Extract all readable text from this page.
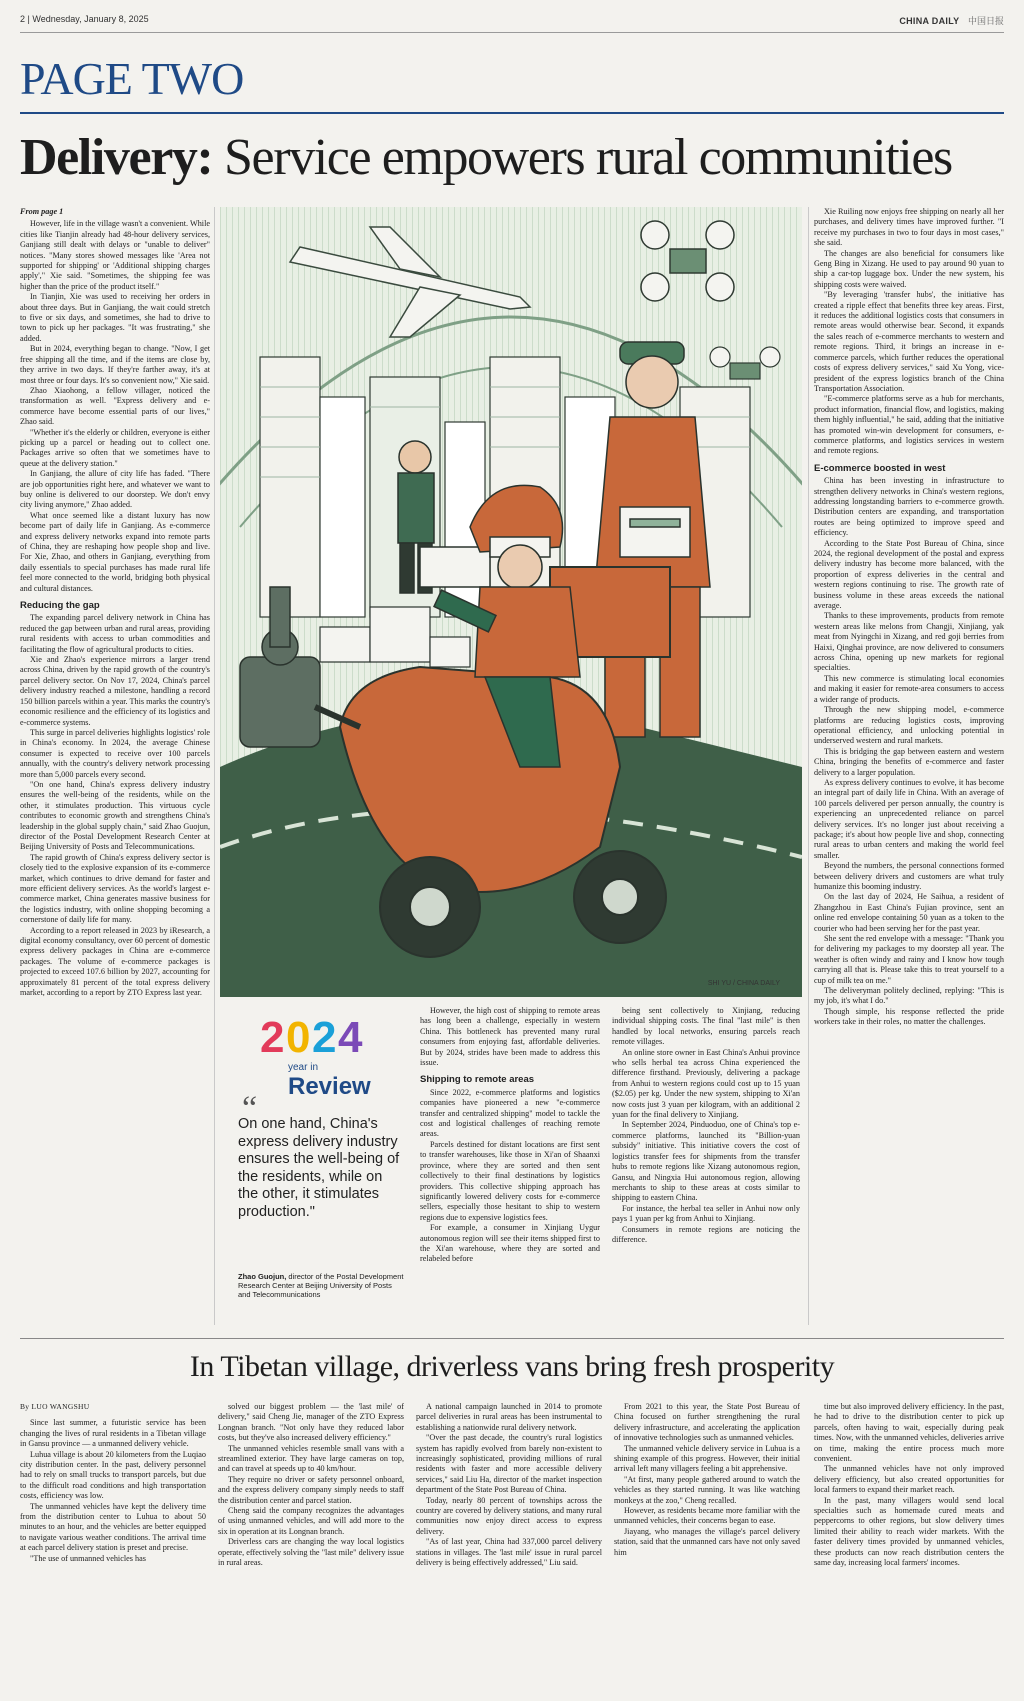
2 | Wednesday, January 8, 2025	CHINA DAILY 中国日报
PAGE TWO
Delivery: Service empowers rural communities

From page 1

However, life in the village wasn't a convenient. While cities like Tianjin already had 48-hour delivery services, Ganjiang still dealt with delays or "unable to deliver" notices. "Many stores showed messages like 'Area not supported for shipping' or 'Additional shipping charges apply'," Xie said. "Sometimes, the shipping fee was higher than the price of the product itself."

In Tianjin, Xie was used to receiving her orders in about three days. But in Ganjiang, the wait could stretch to five or six days, and sometimes, she had to drive to town to pick up her packages. "It was frustrating," she added.

But in 2024, everything began to change. "Now, I get free shipping all the time, and if the items are close by, they arrive in two days. If they're farther away, it's at most three or four days. It's so convenient now," Xie said.

Zhao Xiaohong, a fellow villager, noticed the transformation as well. "Express delivery and e-commerce have become essential parts of our lives," Zhao said.

"Whether it's the elderly or children, everyone is either picking up a parcel or heading out to collect one. Packages arrive so often that we sometimes have to queue at the delivery station."

In Ganjiang, the allure of city life has faded. "There are job opportunities right here, and whatever we want to buy online is delivered to our doorstep. We don't envy city living anymore," Zhao added.

What once seemed like a distant luxury has now become part of daily life in Ganjiang. As e-commerce and express delivery networks expand into remote parts of China, they are reshaping how people shop and live. For Xie, Zhao, and others in Ganjiang, everything from daily essentials to special purchases has made rural life feel more connected to the world, bridging both physical and cultural distances.

Reducing the gap

The expanding parcel delivery network in China has reduced the gap between urban and rural areas, providing rural residents with access to urban commodities and facilitating the flow of agricultural products to cities.

Xie and Zhao's experience mirrors a larger trend across China, driven by the rapid growth of the country's parcel delivery sector. On Nov 17, 2024, China's parcel delivery industry reached a milestone, handling a record 150 billion parcels within a year. This marks the country's economic resilience and the efficiency of its logistics and e-commerce systems.

This surge in parcel deliveries highlights logistics' role in China's economy. In 2024, the average Chinese consumer is expected to receive over 100 parcels annually, with the country's delivery network processing more than 5,000 parcels every second.

"On one hand, China's express delivery industry ensures the well-being of the residents, while on the other, it stimulates production. This virtuous cycle contributes to economic growth and strengthens China's leadership in the global supply chain," said Zhao Guojun, director of the Postal Development Research Center at Beijing University of Posts and Telecommunications.

The rapid growth of China's express delivery sector is closely tied to the explosive expansion of its e-commerce market, which continues to drive demand for faster and more efficient delivery services. As the world's largest e-commerce market, China generates massive business for the logistics industry, with online shopping becoming a cornerstone of daily life for many.

According to a report released in 2023 by iResearch, a digital economy consultancy, over 60 percent of domestic express delivery packages in China are e-commerce packages. The volume of e-commerce packages is projected to exceed 107.6 billion by 2027, accounting for approximately 81 percent of the total express delivery market, according to a report by ZTO Express last year.

SHI YU / CHINA DAILY
2 0 2 4
year in
Review
“
On one hand, China's express delivery industry ensures the well-being of the residents, while on the other, it stimulates production."
Zhao Guojun, director of the Postal Development Research Center at Beijing University of Posts and Telecommunications

However, the high cost of shipping to remote areas has long been a challenge, especially in western China. This bottleneck has prevented many rural consumers from enjoying fast, affordable deliveries. But by 2024, strides have been made to address this issue.

Shipping to remote areas

Since 2022, e-commerce platforms and logistics companies have pioneered a new "e-commerce transfer and centralized shipping" model to tackle the cost and logistical challenges of reaching remote areas.

Parcels destined for distant locations are first sent to transfer warehouses, like those in Xi'an of Shaanxi province, where they are sorted and then sent collectively to their final destinations by logistics providers. This collective shipping approach has significantly lowered delivery costs for e-commerce sellers, especially those hesitant to ship to western regions due to expensive logistics fees.

For example, a consumer in Xinjiang Uygur autonomous region will see their items shipped first to the Xi'an warehouse, where they are sorted and relabeled before

being sent collectively to Xinjiang, reducing individual shipping costs. The final "last mile" is then handled by local networks, ensuring parcels reach remote villages.

An online store owner in East China's Anhui province who sells herbal tea across China experienced the difference firsthand. Previously, delivering a package from Anhui to western regions could cost up to 15 yuan ($2.05) per kg. Under the new system, shipping to Xi'an now costs just 3 yuan per kilogram, with an additional 2 yuan for the final delivery to Xinjiang.

In September 2024, Pinduoduo, one of China's top e-commerce platforms, launched its "Billion-yuan subsidy" initiative. This initiative covers the cost of logistics transfer fees for shipments from the transfer hubs to remote regions like Xizang autonomous region, Gansu, and Ningxia Hui autonomous region, allowing merchants to ship to these areas at costs similar to shipping to eastern China.

For instance, the herbal tea seller in Anhui now only pays 1 yuan per kg from Anhui to Xinjiang.

Consumers in remote regions are noticing the difference.

Xie Ruiling now enjoys free shipping on nearly all her purchases, and delivery times have improved further. "I receive my purchases in two to four days in most cases," she said.

The changes are also beneficial for consumers like Geng Bing in Xizang. He used to pay around 90 yuan to ship a car-top luggage box. Under the new system, his shipping costs were waived.

"By leveraging 'transfer hubs', the initiative has created a ripple effect that benefits three key areas. First, it reduces the additional logistics costs that consumers in remote areas would otherwise bear. Second, it expands the sales reach of e-commerce merchants to western and remote regions. Third, it brings an increase in e-commerce parcels, which further reduces the operational costs of express delivery services," said Xu Yong, vice-president of the express logistics branch of the China Transportation Association.

"E-commerce platforms serve as a hub for merchants, product information, financial flow, and logistics, making them highly influential," he said, adding that the initiative has promoted win-win development for consumers, e-commerce platforms, and logistics services in western and remote regions.

E-commerce boosted in west

China has been investing in infrastructure to strengthen delivery networks in China's western regions, addressing longstanding barriers to e-commerce growth. Distribution centers are expanding, and transportation routes are being optimized to improve speed and efficiency.

According to the State Post Bureau of China, since 2024, the regional development of the postal and express delivery industry has become more balanced, with the proportion of express deliveries in the central and western regions continuing to rise. The growth rate of business volume in these areas exceeds the national average.

Thanks to these improvements, products from remote western areas like melons from Changji, Xinjiang, yak meat from Nyingchi in Xizang, and red goji berries from Haixi, Qinghai province, are now delivered to consumers across China, opening up new markets for regional specialties.

This new commerce is stimulating local economies and making it easier for remote-area consumers to access a wider range of products.

Through the new shipping model, e-commerce platforms are reducing logistics costs, improving operational efficiency, and unlocking potential in underserved western and rural markets.

This is bridging the gap between eastern and western China, bringing the benefits of e-commerce and faster delivery to a larger population.

As express delivery continues to evolve, it has become an integral part of daily life in China. With an average of 100 parcels delivered per person annually, the country is experiencing an unprecedented reliance on parcel delivery services. It's no longer just about receiving a package; it's about how people live and shop, connecting rural areas to urban centers and making the world feel smaller.

Beyond the numbers, the personal connections formed between delivery drivers and customers are what truly humanize this booming industry.

On the last day of 2024, He Saihua, a resident of Zhangzhou in East China's Fujian province, sent an online red envelope containing 50 yuan as a token to the courier who had been serving her for the past year.

She sent the red envelope with a message: "Thank you for delivering my packages to my doorstep all year. The weather is often windy and rainy and I know how tough carrying all that is. Please take this to treat yourself to a cup of milk tea on me."

The deliveryman politely declined, replying: "This is my job, it's what I do."

Though simple, his response reflected the pride workers take in their roles, no matter the challenges.

In Tibetan village, driverless vans bring fresh prosperity

By LUO WANGSHU

Since last summer, a futuristic service has been changing the lives of rural residents in a Tibetan village in Gansu province — a unmanned delivery vehicle.

Luhua village is about 20 kilometers from the Luqiao city distribution center. In the past, delivery personnel had to rely on small trucks to transport parcels, but due to the difficult road conditions and high transportation costs, efficiency was low.

The unmanned vehicles have kept the delivery time from the distribution center to Luhua to about 50 minutes to an hour, and the vehicles are better equipped to navigate various weather conditions. The arrival time at each parcel delivery station is preset and precise.

"The use of unmanned vehicles has

solved our biggest problem — the 'last mile' of delivery," said Cheng Jie, manager of the ZTO Express Longnan branch. "Not only have they reduced labor costs, but they've also increased delivery efficiency."

The unmanned vehicles resemble small vans with a streamlined exterior. They have large cameras on top, and can travel at speeds up to 40 km/hour.

They require no driver or safety personnel onboard, and the express delivery company simply needs to staff the distribution center and parcel station.

Cheng said the company recognizes the advantages of using unmanned vehicles, and will add more to the six in operation at its Longnan branch.

Driverless cars are changing the way local logistics operate, effectively solving the "last mile" delivery issue in rural areas.

A national campaign launched in 2014 to promote parcel deliveries in rural areas has been instrumental to establishing a nationwide rural delivery network.

"Over the past decade, the country's rural logistics system has rapidly evolved from barely non-existent to increasingly sophisticated, providing millions of rural residents with faster and more accessible delivery services," said Liu Ha, director of the market inspection department of the State Post Bureau of China.

Today, nearly 80 percent of townships across the country are covered by delivery stations, and many rural communities now enjoy direct access to express delivery.

"As of last year, China had 337,000 parcel delivery stations in villages. The 'last mile' issue in rural parcel delivery is being effectively addressed," Liu said.

From 2021 to this year, the State Post Bureau of China focused on further strengthening the rural delivery infrastructure, and accelerating the application of innovative technologies such as unmanned vehicles.

The unmanned vehicle delivery service in Luhua is a shining example of this progress. However, their initial arrival left many villagers feeling a bit apprehensive.

"At first, many people gathered around to watch the vehicles as they started running. It was like watching monkeys at the zoo," Cheng recalled.

However, as residents became more familiar with the unmanned vehicles, their concerns began to ease.

Jiayang, who manages the village's parcel delivery station, said that the unmanned cars have not only saved him

time but also improved delivery efficiency. In the past, he had to drive to the distribution center to pick up parcels, often having to wait, especially during peak times. Now, with the unmanned vehicles, deliveries arrive on time, making the entire process much more convenient.

The unmanned vehicles have not only improved delivery efficiency, but also created opportunities for local farmers to expand their market reach.

In the past, many villagers would send local specialties such as homemade cured meats and peppercorns to other regions, but slow delivery times limited their ability to reach wider markets. With the faster delivery times provided by unmanned vehicles, these products can now reach distribution centers the same day, increasing local farmers' incomes.
